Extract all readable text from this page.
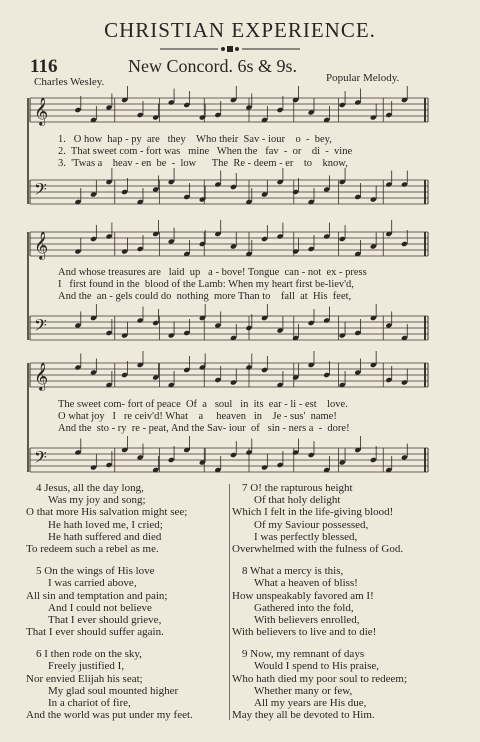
CHRISTIAN EXPERIENCE.
116	New Concord. 6s & 9s.
Charles Wesley.	Popular Melody.
𝄞
𝄢
𝄞
𝄢
𝄞
𝄢
1.   O how  hap - py  are   they    Who their  Sav - iour    o  -  bey,
2.  That sweet com - fort was   mine   When the   fav  -  or    di  -  vine
3.  'Twas a    heav - en  be  -  low      The  Re - deem - er    to    know,
And whose treasures are   laid  up   a - bove! Tongue  can - not  ex - press
I   first found in the  blood of the Lamb: When my heart first be-liev'd,
And the  an - gels could do  nothing  more Than to    fall  at  His  feet,
The sweet com- fort of peace  Of  a   soul   in  its  ear - li - est    love.
O what joy   I   re ceiv'd! What    a     heaven   in    Je - sus'  name!
And the  sto - ry  re - peat, And the Sav- iour  of   sin - ners a  -  dore!
4 Jesus, all the day long,
Was my joy and song;
O that more His salvation might see;
He hath loved me, I cried;
He hath suffered and died
To redeem such a rebel as me.
5 On the wings of His love
I was carried above,
All sin and temptation and pain;
And I could not believe
That I ever should grieve,
That I ever should suffer again.
6 I then rode on the sky,
Freely justified I,
Nor envied Elijah his seat;
My glad soul mounted higher
In a chariot of fire,
And the world was put under my feet.
7 O! the rapturous height
Of that holy delight
Which I felt in the life-giving blood!
Of my Saviour possessed,
I was perfectly blessed,
Overwhelmed with the fulness of God.
8 What a mercy is this,
What a heaven of bliss!
How unspeakably favored am I!
Gathered into the fold,
With believers enrolled,
With believers to live and to die!
9 Now, my remnant of days
Would I spend to His praise,
Who hath died my poor soul to redeem;
Whether many or few,
All my years are His due,
May they all be devoted to Him.
